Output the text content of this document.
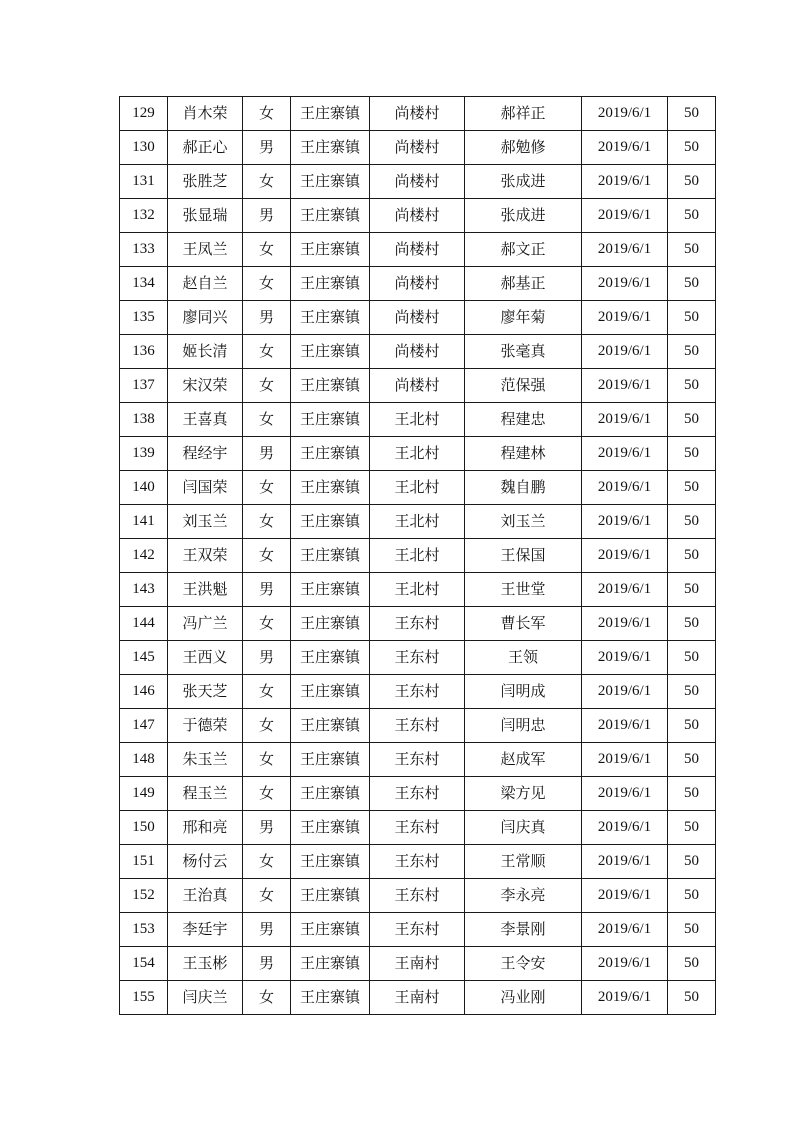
129	肖木荣	女	王庄寨镇	尚楼村	郝祥正	2019/6/1	50
130	郝正心	男	王庄寨镇	尚楼村	郝勉修	2019/6/1	50
131	张胜芝	女	王庄寨镇	尚楼村	张成进	2019/6/1	50
132	张显瑞	男	王庄寨镇	尚楼村	张成进	2019/6/1	50
133	王凤兰	女	王庄寨镇	尚楼村	郝文正	2019/6/1	50
134	赵自兰	女	王庄寨镇	尚楼村	郝基正	2019/6/1	50
135	廖同兴	男	王庄寨镇	尚楼村	廖年菊	2019/6/1	50
136	姬长清	女	王庄寨镇	尚楼村	张毫真	2019/6/1	50
137	宋汉荣	女	王庄寨镇	尚楼村	范保强	2019/6/1	50
138	王喜真	女	王庄寨镇	王北村	程建忠	2019/6/1	50
139	程经宇	男	王庄寨镇	王北村	程建林	2019/6/1	50
140	闫国荣	女	王庄寨镇	王北村	魏自鹏	2019/6/1	50
141	刘玉兰	女	王庄寨镇	王北村	刘玉兰	2019/6/1	50
142	王双荣	女	王庄寨镇	王北村	王保国	2019/6/1	50
143	王洪魁	男	王庄寨镇	王北村	王世堂	2019/6/1	50
144	冯广兰	女	王庄寨镇	王东村	曹长军	2019/6/1	50
145	王西义	男	王庄寨镇	王东村	王领	2019/6/1	50
146	张天芝	女	王庄寨镇	王东村	闫明成	2019/6/1	50
147	于德荣	女	王庄寨镇	王东村	闫明忠	2019/6/1	50
148	朱玉兰	女	王庄寨镇	王东村	赵成军	2019/6/1	50
149	程玉兰	女	王庄寨镇	王东村	梁方见	2019/6/1	50
150	邢和亮	男	王庄寨镇	王东村	闫庆真	2019/6/1	50
151	杨付云	女	王庄寨镇	王东村	王常顺	2019/6/1	50
152	王治真	女	王庄寨镇	王东村	李永亮	2019/6/1	50
153	李廷宇	男	王庄寨镇	王东村	李景刚	2019/6/1	50
154	王玉彬	男	王庄寨镇	王南村	王令安	2019/6/1	50
155	闫庆兰	女	王庄寨镇	王南村	冯业刚	2019/6/1	50
